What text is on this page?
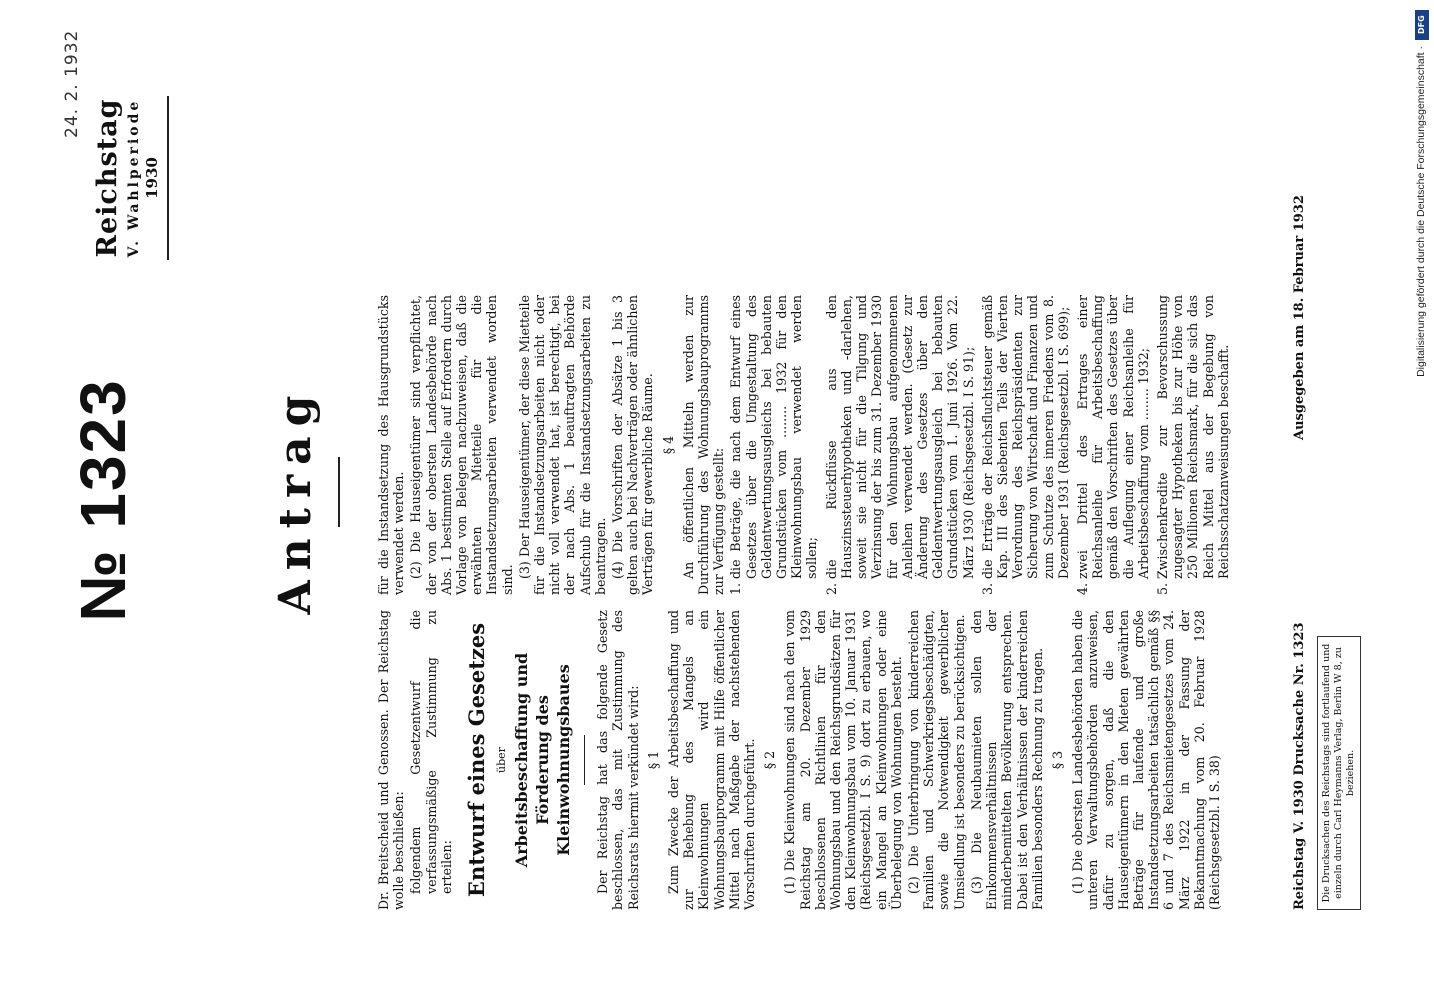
24. 2. 1932
Reichstag V. Wahlperiode 1930
№ 1323	Antrag

Dr. Breitscheid und Genossen. Der Reichstag wolle beschließen: folgendem Gesetzentwurf die verfassungsmäßige Zustimmung zu erteilen: Entwurf eines Gesetzes über Arbeitsbeschaffung und Förderung des Kleinwohnungsbaues Der Reichstag hat das folgende Gesetz beschlossen, das mit Zustimmung des Reichsrats hiermit verkündet wird: § 1 Zum Zwecke der Arbeitsbeschaffung und zur Behebung des Mangels an Kleinwohnungen wird ein Wohnungsbauprogramm mit Hilfe öffentlicher Mittel nach Maßgabe der nachstehenden Vorschriften durchgeführt. § 2 (1) Die Kleinwohnungen sind nach den vom Reichstag am 20. Dezember 1929 beschlossenen Richtlinien für den Wohnungsbau und den Reichsgrundsätzen für den Kleinwohnungsbau vom 10. Januar 1931 (Reichsgesetzbl. I S. 9) dort zu erbauen, wo ein Mangel an Kleinwohnungen oder eine Überbelegung von Wohnungen besteht. (2) Die Unterbringung von kinderreichen Familien und Schwerkriegsbeschädigten, sowie die Notwendigkeit gewerblicher Umsiedlung ist besonders zu berücksichtigen. (3) Die Neubaumieten sollen den Einkommensverhältnissen der minderbemittelten Bevölkerung entsprechen. Dabei ist den Verhältnissen der kinderreichen Familien besonders Rechnung zu tragen. § 3 (1) Die obersten Landesbehörden haben die unteren Verwaltungsbehörden anzuweisen, dafür zu sorgen, daß die den Hauseigentümern in den Mieten gewährten Beträge für laufende und große Instandsetzungsarbeiten tatsächlich gemäß §§ 6 und 7 des Reichsmietengesetzes vom 24. März 1922 in der Fassung der Bekanntmachung vom 20. Februar 1928 (Reichsgesetzbl. I S. 38)

für die Instandsetzung des Hausgrundstücks verwendet werden. (2) Die Hauseigentümer sind verpflichtet, der von der obersten Landesbehörde nach Abs. 1 bestimmten Stelle auf Erfordern durch Vorlage von Belegen nachzuweisen, daß die erwähnten Mietteile für die Instandsetzungsarbeiten verwendet worden sind.

(3) Der Hauseigentümer, der diese Mietteile für die Instandsetzungsarbeiten nicht oder nicht voll verwendet hat, ist berechtigt, bei der nach Abs. 1 beauftragten Behörde Aufschub für die Instandsetzungsarbeiten zu beantragen. (4) Die Vorschriften der Absätze 1 bis 3 gelten auch bei Nachverträgen oder ähnlichen Verträgen für gewerbliche Räume. § 4 An öffentlichen Mitteln werden zur Durchführung des Wohnungsbauprogramms zur Verfügung gestellt: 1.
die Beträge, die nach dem Entwurf eines Gesetzes über die Umgestaltung des Geldentwertungsausgleichs bei bebauten Grundstücken vom ........ 1932 für den Kleinwohnungsbau verwendet werden sollen;
2.
die Rückflüsse aus den Hauszinssteuerhypotheken und -darlehen, soweit sie nicht für die Tilgung und Verzinsung der bis zum 31. Dezember 1930 für den Wohnungsbau aufgenommenen Anleihen verwendet werden. (Gesetz zur Änderung des Gesetzes über den Geldentwertungsausgleich bei bebauten Grundstücken vom 1. Juni 1926. Vom 22. März 1930 (Reichsgesetzbl. I S. 91);
3.
die Erträge der Reichsfluchtsteuer gemäß Kap. III des Siebenten Teils der Vierten Verordnung des Reichspräsidenten zur Sicherung von Wirtschaft und Finanzen und zum Schutze des inneren Friedens vom 8. Dezember 1931 (Reichsgesetzbl. I S. 699);
4.
zwei Drittel des Ertrages einer Reichsanleihe für Arbeitsbeschaffung gemäß den Vorschriften des Gesetzes über die Auflegung einer Reichsanleihe für Arbeitsbeschaffung vom ........ 1932;
5.
Zwischenkredite zur Bevorschussung zugesagter Hypotheken bis zur Höhe von 250 Millionen Reichsmark, für die sich das Reich Mittel aus der Begebung von Reichsschatzanweisungen beschafft.
Reichstag V. 1930 Drucksache Nr. 1323
Ausgegeben am 18. Februar 1932
Die Drucksachen des Reichstags sind fortlaufend und einzeln durch Carl Heymanns Verlag, Berlin W 8, zu beziehen.
DFG
Digitalisierung gefördert durch die Deutsche Forschungsgemeinschaft ·
